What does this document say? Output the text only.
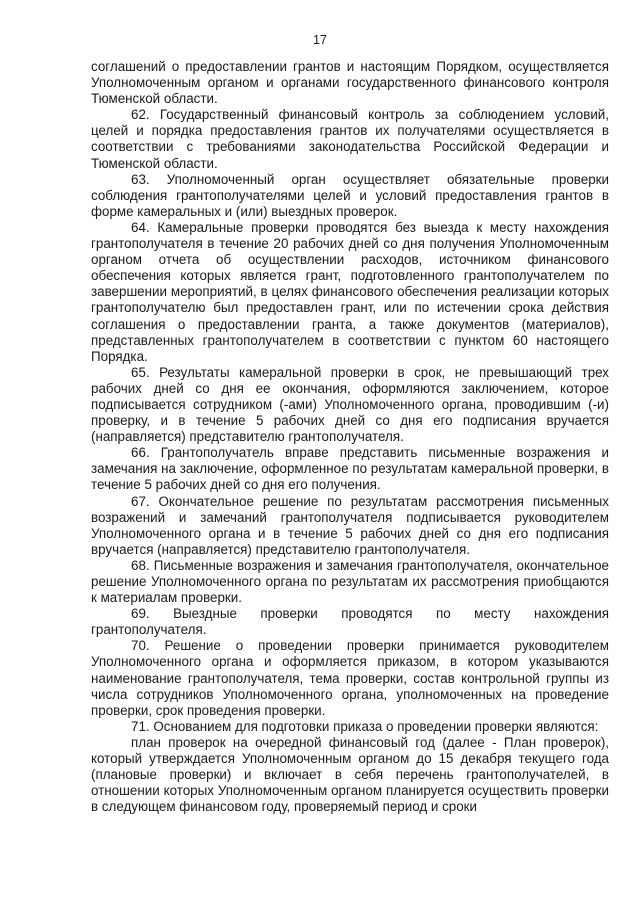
17

соглашений о предоставлении грантов и настоящим Порядком, осуществляется Уполномоченным органом и органами государственного финансового контроля Тюменской области.

62. Государственный финансовый контроль за соблюдением условий, целей и порядка предоставления грантов их получателями осуществляется в соответствии с требованиями законодательства Российской Федерации и Тюменской области.

63. Уполномоченный орган осуществляет обязательные проверки соблюдения грантополучателями целей и условий предоставления грантов в форме камеральных и (или) выездных проверок.

64. Камеральные проверки проводятся без выезда к месту нахождения грантополучателя в течение 20 рабочих дней со дня получения Уполномоченным органом отчета об осуществлении расходов, источником финансового обеспечения которых является грант, подготовленного грантополучателем по завершении мероприятий, в целях финансового обеспечения реализации которых грантополучателю был предоставлен грант, или по истечении срока действия соглашения о предоставлении гранта, а также документов (материалов), представленных грантополучателем в соответствии с пунктом 60 настоящего Порядка.

65. Результаты камеральной проверки в срок, не превышающий трех рабочих дней со дня ее окончания, оформляются заключением, которое подписывается сотрудником (-ами) Уполномоченного органа, проводившим (-и) проверку, и в течение 5 рабочих дней со дня его подписания вручается (направляется) представителю грантополучателя.

66. Грантополучатель вправе представить письменные возражения и замечания на заключение, оформленное по результатам камеральной проверки, в течение 5 рабочих дней со дня его получения.

67. Окончательное решение по результатам рассмотрения письменных возражений и замечаний грантополучателя подписывается руководителем Уполномоченного органа и в течение 5 рабочих дней со дня его подписания вручается (направляется) представителю грантополучателя.

68. Письменные возражения и замечания грантополучателя, окончательное решение Уполномоченного органа по результатам их рассмотрения приобщаются к материалам проверки.

69. Выездные проверки проводятся по месту нахождения грантополучателя.

70. Решение о проведении проверки принимается руководителем Уполномоченного органа и оформляется приказом, в котором указываются наименование грантополучателя, тема проверки, состав контрольной группы из числа сотрудников Уполномоченного органа, уполномоченных на проведение проверки, срок проведения проверки.

71. Основанием для подготовки приказа о проведении проверки являются:

план проверок на очередной финансовый год (далее - План проверок), который утверждается Уполномоченным органом до 15 декабря текущего года (плановые проверки) и включает в себя перечень грантополучателей, в отношении которых Уполномоченным органом планируется осуществить проверки в следующем финансовом году, проверяемый период и сроки
